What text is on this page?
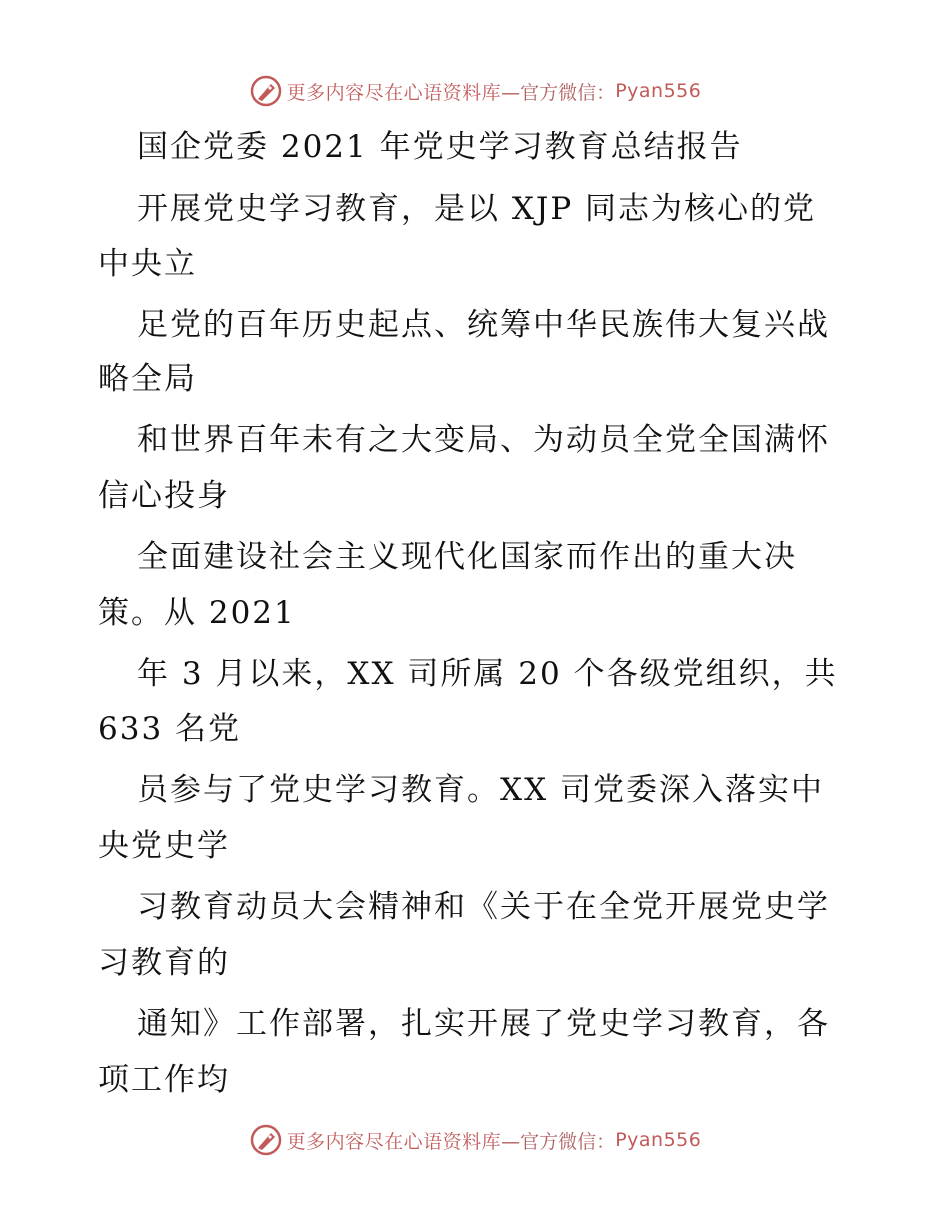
更多内容尽在心语资料库 —官方微信： Pyan556
国企党委 2021 年党史学习教育总结报告
开展党史学习教育，是以 XJP 同志为核心的党
中央立
足党的百年历史起点、统筹中华民族伟大复兴战
略全局
和世界百年未有之大变局、为动员全党全国满怀
信心投身
全面建设社会主义现代化国家而作出的重大决
策。从 2021
年 3 月以来，XX 司所属 20 个各级党组织，共
633 名党
员参与了党史学习教育。XX 司党委深入落实中
央党史学
习教育动员大会精神和《关于在全党开展党史学
习教育的
通知》工作部署，扎实开展了党史学习教育，各
项工作均
更多内容尽在心语资料库 —官方微信： Pyan556
